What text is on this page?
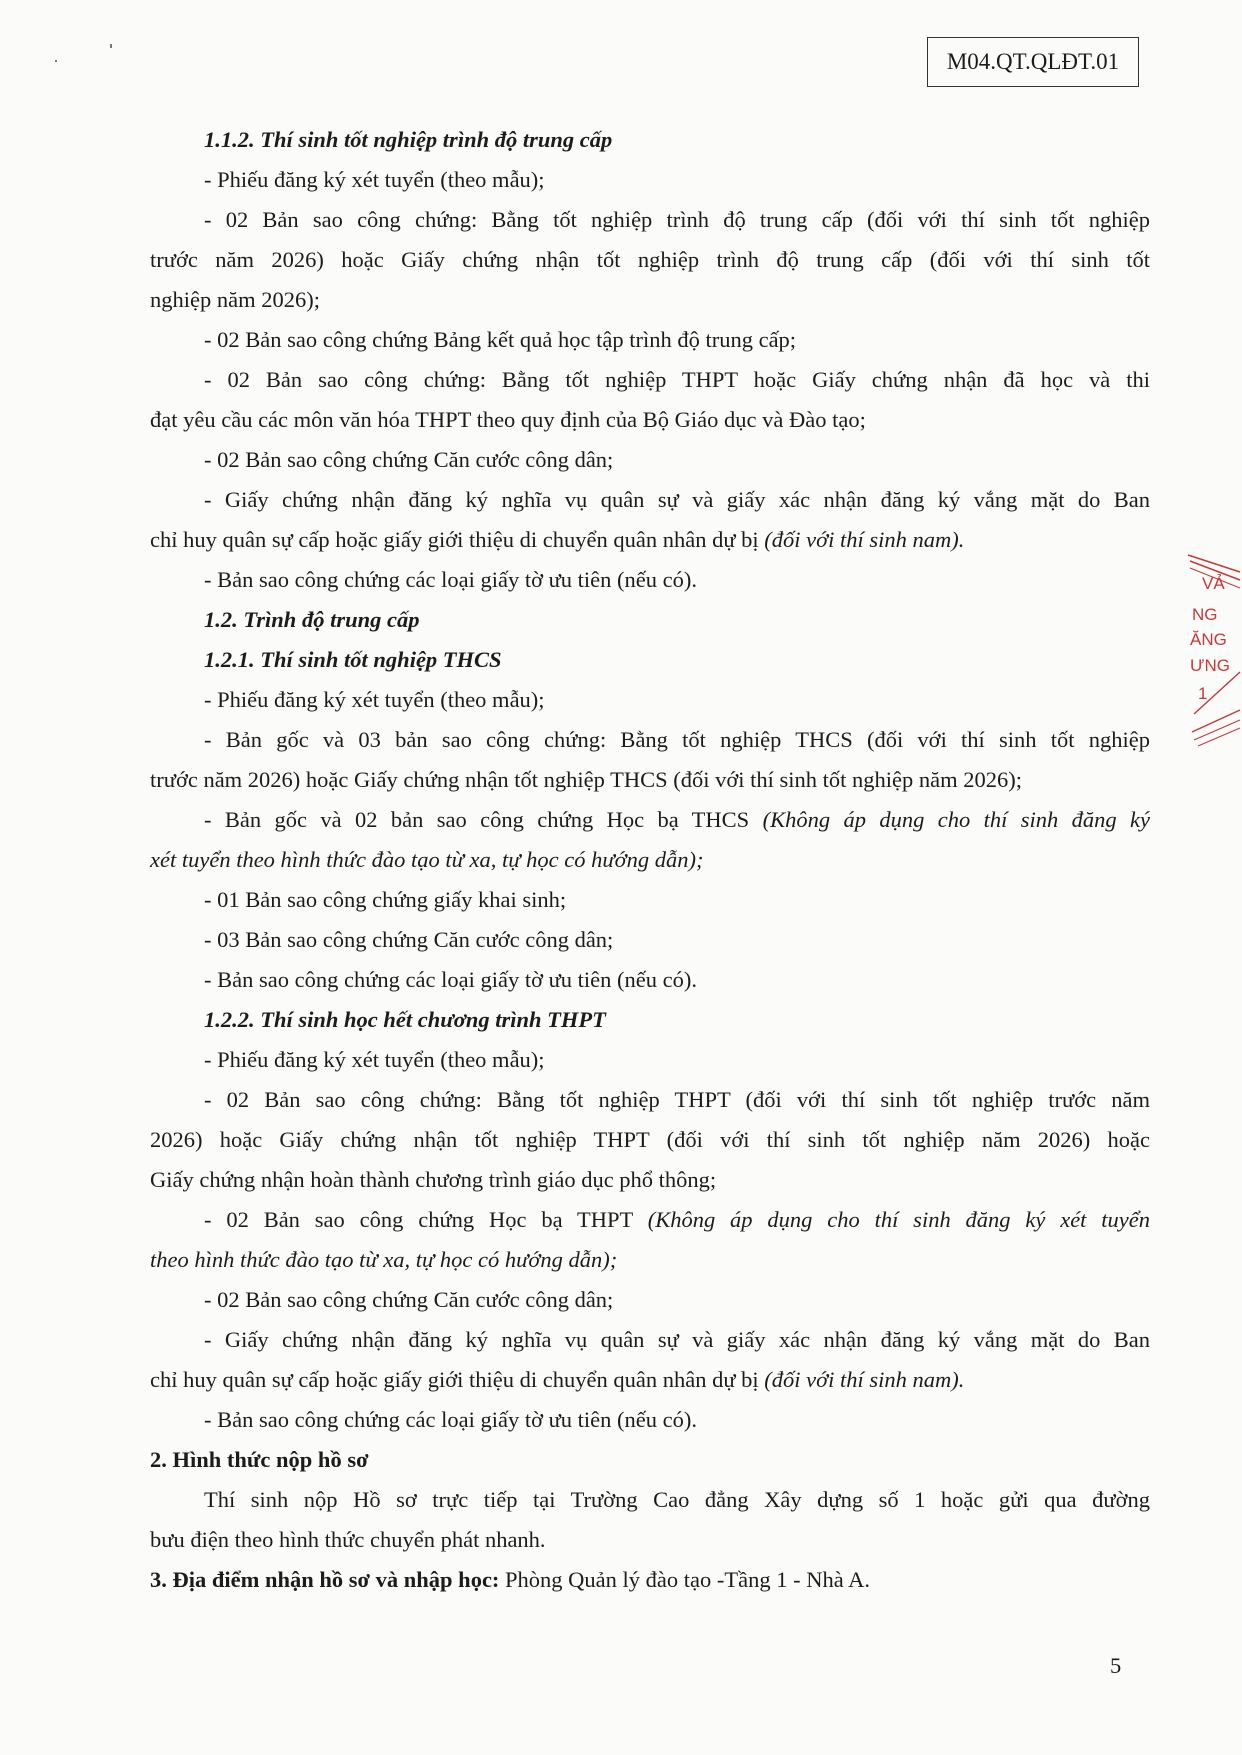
M04.QT.QLĐT.01
VẢ
NG
ĂNG
ƯNG
1
1.1.2. Thí sinh tốt nghiệp trình độ trung cấp
- Phiếu đăng ký xét tuyển (theo mẫu);
- 02 Bản sao công chứng: Bằng tốt nghiệp trình độ trung cấp (đối với thí sinh tốt nghiệp
trước năm 2026) hoặc Giấy chứng nhận tốt nghiệp trình độ trung cấp (đối với thí sinh tốt
nghiệp năm 2026);
- 02 Bản sao công chứng Bảng kết quả học tập trình độ trung cấp;
- 02 Bản sao công chứng: Bằng tốt nghiệp THPT hoặc Giấy chứng nhận đã học và thi
đạt yêu cầu các môn văn hóa THPT theo quy định của Bộ Giáo dục và Đào tạo;
- 02 Bản sao công chứng Căn cước công dân;
- Giấy chứng nhận đăng ký nghĩa vụ quân sự và giấy xác nhận đăng ký vắng mặt do Ban
chỉ huy quân sự cấp hoặc giấy giới thiệu di chuyển quân nhân dự bị (đối với thí sinh nam).
- Bản sao công chứng các loại giấy tờ ưu tiên (nếu có).
1.2. Trình độ trung cấp
1.2.1. Thí sinh tốt nghiệp THCS
- Phiếu đăng ký xét tuyển (theo mẫu);
- Bản gốc và 03 bản sao công chứng: Bằng tốt nghiệp THCS (đối với thí sinh tốt nghiệp
trước năm 2026) hoặc Giấy chứng nhận tốt nghiệp THCS (đối với thí sinh tốt nghiệp năm 2026);
- Bản gốc và 02 bản sao công chứng Học bạ THCS (Không áp dụng cho thí sinh đăng ký
xét tuyển theo hình thức đào tạo từ xa, tự học có hướng dẫn);
- 01 Bản sao công chứng giấy khai sinh;
- 03 Bản sao công chứng Căn cước công dân;
- Bản sao công chứng các loại giấy tờ ưu tiên (nếu có).
1.2.2. Thí sinh học hết chương trình THPT
- Phiếu đăng ký xét tuyển (theo mẫu);
- 02 Bản sao công chứng: Bằng tốt nghiệp THPT (đối với thí sinh tốt nghiệp trước năm
2026) hoặc Giấy chứng nhận tốt nghiệp THPT (đối với thí sinh tốt nghiệp năm 2026) hoặc
Giấy chứng nhận hoàn thành chương trình giáo dục phổ thông;
- 02 Bản sao công chứng Học bạ THPT (Không áp dụng cho thí sinh đăng ký xét tuyển
theo hình thức đào tạo từ xa, tự học có hướng dẫn);
- 02 Bản sao công chứng Căn cước công dân;
- Giấy chứng nhận đăng ký nghĩa vụ quân sự và giấy xác nhận đăng ký vắng mặt do Ban
chỉ huy quân sự cấp hoặc giấy giới thiệu di chuyển quân nhân dự bị (đối với thí sinh nam).
- Bản sao công chứng các loại giấy tờ ưu tiên (nếu có).
2. Hình thức nộp hồ sơ
Thí sinh nộp Hồ sơ trực tiếp tại Trường Cao đẳng Xây dựng số 1 hoặc gửi qua đường
bưu điện theo hình thức chuyển phát nhanh.
3. Địa điểm nhận hồ sơ và nhập học: Phòng Quản lý đào tạo -Tầng 1 - Nhà A.
5
